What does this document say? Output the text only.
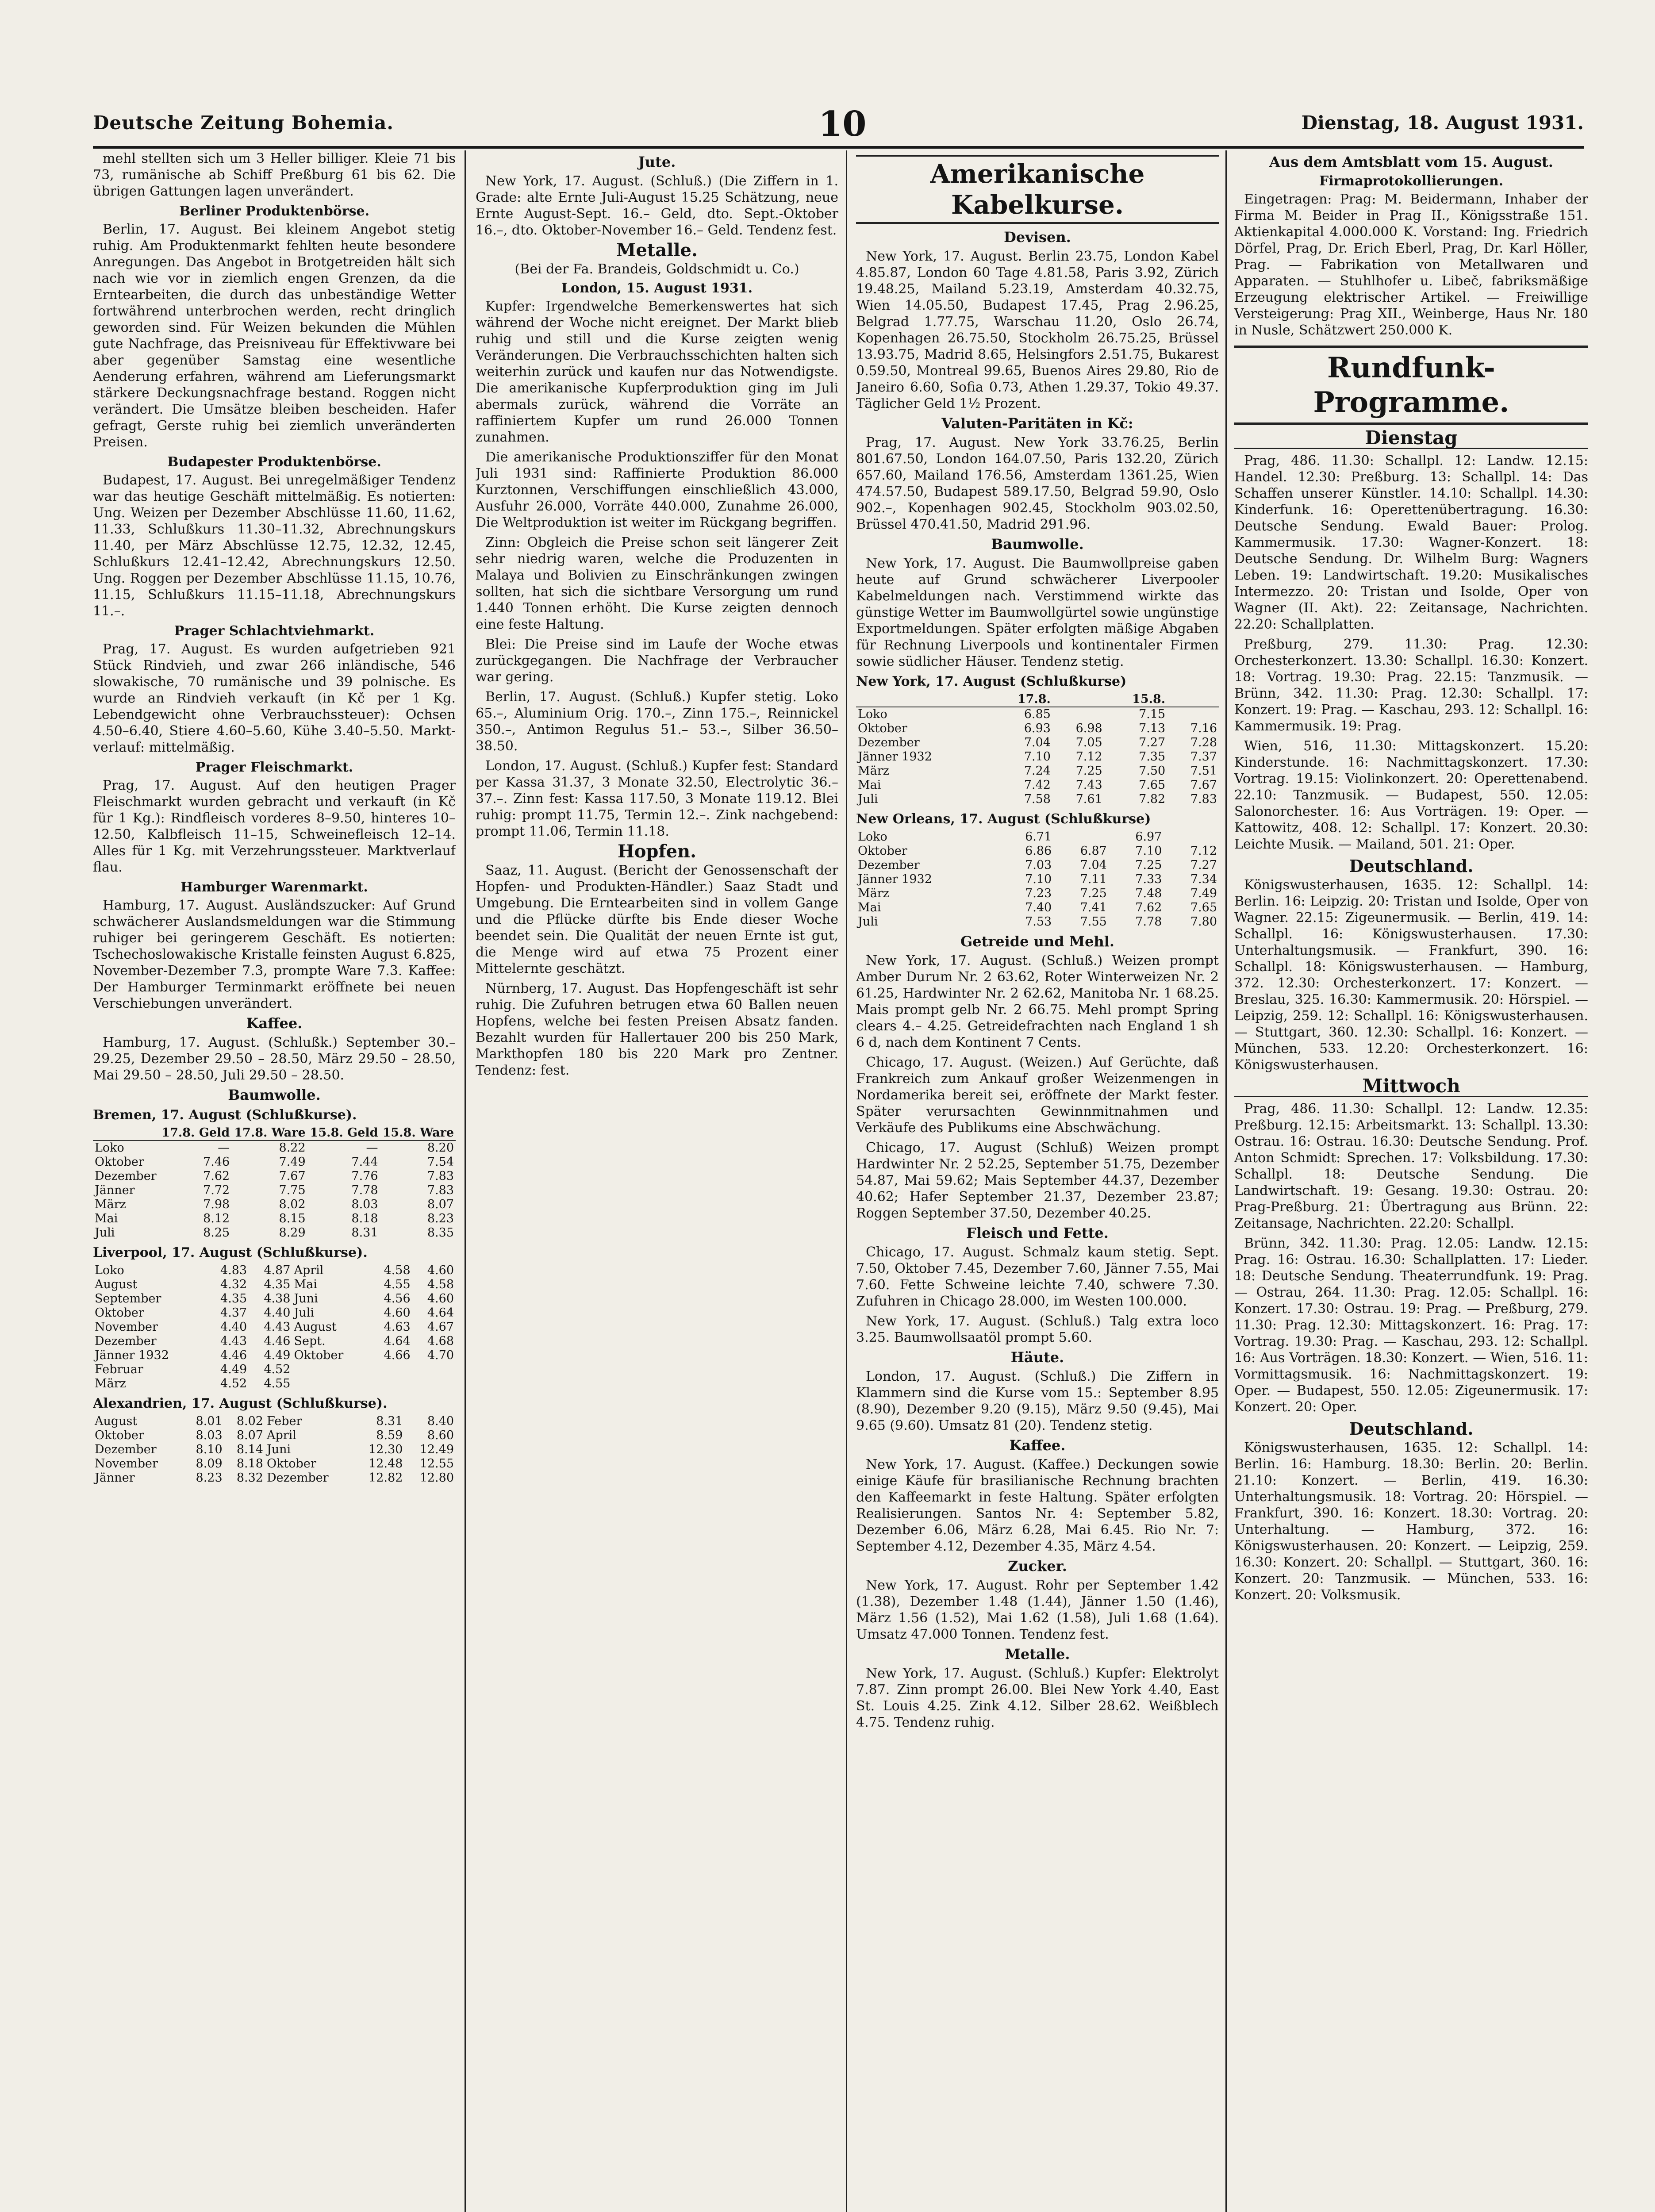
Deutsche Zeitung Bohemia.	10	Dienstag, 18. August 1931.

mehl stellten sich um 3 Heller billiger. Kleie 71 bis 73, rumänische ab Schiff Preßburg 61 bis 62. Die übrigen Gattungen lagen unverändert.

Berliner Produktenbörse.

Berlin, 17. August. Bei kleinem Angebot stetig ruhig. Am Produktenmarkt fehlten heute besondere Anregungen. Das Angebot in Brotgetreiden hält sich nach wie vor in ziemlich engen Grenzen, da die Erntearbeiten, die durch das unbeständige Wetter fortwährend unterbrochen werden, recht dringlich geworden sind. Für Weizen bekunden die Mühlen gute Nachfrage, das Preisniveau für Effektivware bei aber gegenüber Samstag eine wesentliche Aenderung erfahren, während am Lieferungsmarkt stärkere Deckungsnachfrage bestand. Roggen nicht verändert. Die Umsätze bleiben bescheiden. Hafer gefragt, Gerste ruhig bei ziemlich unveränderten Preisen.

Budapester Produktenbörse.

Budapest, 17. August. Bei unregelmäßiger Tendenz war das heutige Geschäft mittelmäßig. Es notierten: Ung. Weizen per Dezember Abschlüsse 11.60, 11.62, 11.33, Schlußkurs 11.30–11.32, Abrechnungskurs 11.40, per März Abschlüsse 12.75, 12.32, 12.45, Schlußkurs 12.41–12.42, Abrechnungskurs 12.50. Ung. Roggen per Dezember Abschlüsse 11.15, 10.76, 11.15, Schlußkurs 11.15–11.18, Abrechnungskurs 11.–.

Prager Schlachtviehmarkt.

Prag, 17. August. Es wurden aufgetrieben 921 Stück Rindvieh, und zwar 266 inländische, 546 slowakische, 70 rumänische und 39 polnische. Es wurde an Rindvieh verkauft (in Kč per 1 Kg. Lebendgewicht ohne Verbrauchssteuer): Ochsen 4.50–6.40, Stiere 4.60–5.60, Kühe 3.40–5.50. Marktverlauf: mittelmäßig.

Prager Fleischmarkt.

Prag, 17. August. Auf den heutigen Prager Fleischmarkt wurden gebracht und verkauft (in Kč für 1 Kg.): Rindfleisch vorderes 8–9.50, hinteres 10–12.50, Kalbfleisch 11–15, Schweinefleisch 12–14. Alles für 1 Kg. mit Verzehrungssteuer. Marktverlauf flau.

Hamburger Warenmarkt.

Hamburg, 17. August. Ausländszucker: Auf Grund schwächerer Auslandsmeldungen war die Stimmung ruhiger bei geringerem Geschäft. Es notierten: Tschechoslowakische Kristalle feinsten August 6.825, November-Dezember 7.3, prompte Ware 7.3. Kaffee: Der Hamburger Terminmarkt eröffnete bei neuen Verschiebungen unverändert.

Kaffee.

Hamburg, 17. August. (Schlußk.) September 30.– 29.25, Dezember 29.50 – 28.50, März 29.50 – 28.50, Mai 29.50 – 28.50, Juli 29.50 – 28.50.

Baumwolle.
Bremen, 17. August (Schlußkurse).
	17.8. Geld	17.8. Ware	15.8. Geld	15.8. Ware
Loko	—	8.22	—	8.20
Oktober	7.46	7.49	7.44	7.54
Dezember	7.62	7.67	7.76	7.83
Jänner	7.72	7.75	7.78	7.83
März	7.98	8.02	8.03	8.07
Mai	8.12	8.15	8.18	8.23
Juli	8.25	8.29	8.31	8.35
Liverpool, 17. August (Schlußkurse).
Loko	4.83	4.87	April	4.58	4.60
August	4.32	4.35	Mai	4.55	4.58
September	4.35	4.38	Juni	4.56	4.60
Oktober	4.37	4.40	Juli	4.60	4.64
November	4.40	4.43	August	4.63	4.67
Dezember	4.43	4.46	Sept.	4.64	4.68
Jänner 1932	4.46	4.49	Oktober	4.66	4.70
Februar	4.49	4.52			
März	4.52	4.55			
Alexandrien, 17. August (Schlußkurse).
August	8.01	8.02	Feber	8.31	8.40
Oktober	8.03	8.07	April	8.59	8.60
Dezember	8.10	8.14	Juni	12.30	12.49
November	8.09	8.18	Oktober	12.48	12.55
Jänner	8.23	8.32	Dezember	12.82	12.80
Jute.

New York, 17. August. (Schluß.) (Die Ziffern in 1. Grade: alte Ernte Juli-August 15.25 Schätzung, neue Ernte August-Sept. 16.– Geld, dto. Sept.-Oktober 16.–, dto. Oktober-November 16.– Geld. Tendenz fest.

Metalle.
(Bei der Fa. Brandeis, Goldschmidt u. Co.)
London, 15. August 1931.

Kupfer: Irgendwelche Bemerkenswertes hat sich während der Woche nicht ereignet. Der Markt blieb ruhig und still und die Kurse zeigten wenig Veränderungen. Die Verbrauchsschichten halten sich weiterhin zurück und kaufen nur das Notwendigste. Die amerikanische Kupferproduktion ging im Juli abermals zurück, während die Vorräte an raffiniertem Kupfer um rund 26.000 Tonnen zunahmen.

Die amerikanische Produktionsziffer für den Monat Juli 1931 sind: Raffinierte Produktion 86.000 Kurztonnen, Verschiffungen einschließlich 43.000, Ausfuhr 26.000, Vorräte 440.000, Zunahme 26.000, Die Weltproduktion ist weiter im Rückgang begriffen.

Zinn: Obgleich die Preise schon seit längerer Zeit sehr niedrig waren, welche die Produzenten in Malaya und Bolivien zu Einschränkungen zwingen sollten, hat sich die sichtbare Versorgung um rund 1.440 Tonnen erhöht. Die Kurse zeigten dennoch eine feste Haltung.

Blei: Die Preise sind im Laufe der Woche etwas zurückgegangen. Die Nachfrage der Verbraucher war gering.

Berlin, 17. August. (Schluß.) Kupfer stetig. Loko 65.–, Aluminium Orig. 170.–, Zinn 175.–, Reinnickel 350.–, Antimon Regulus 51.– 53.–, Silber 36.50–38.50.

London, 17. August. (Schluß.) Kupfer fest: Standard per Kassa 31.37, 3 Monate 32.50, Electrolytic 36.–37.–. Zinn fest: Kassa 117.50, 3 Monate 119.12. Blei ruhig: prompt 11.75, Termin 12.–. Zink nachgebend: prompt 11.06, Termin 11.18.

Hopfen.

Saaz, 11. August. (Bericht der Genossenschaft der Hopfen- und Produkten-Händler.) Saaz Stadt und Umgebung. Die Erntearbeiten sind in vollem Gange und die Pflücke dürfte bis Ende dieser Woche beendet sein. Die Qualität der neuen Ernte ist gut, die Menge wird auf etwa 75 Prozent einer Mittelernte geschätzt.

Nürnberg, 17. August. Das Hopfengeschäft ist sehr ruhig. Die Zufuhren betrugen etwa 60 Ballen neuen Hopfens, welche bei festen Preisen Absatz fanden. Bezahlt wurden für Hallertauer 200 bis 250 Mark, Markthopfen 180 bis 220 Mark pro Zentner. Tendenz: fest.

Amerikanische Kabelkurse.
Devisen.

New York, 17. August. Berlin 23.75, London Kabel 4.85.87, London 60 Tage 4.81.58, Paris 3.92, Zürich 19.48.25, Mailand 5.23.19, Amsterdam 40.32.75, Wien 14.05.50, Budapest 17.45, Prag 2.96.25, Belgrad 1.77.75, Warschau 11.20, Oslo 26.74, Kopenhagen 26.75.50, Stockholm 26.75.25, Brüssel 13.93.75, Madrid 8.65, Helsingfors 2.51.75, Bukarest 0.59.50, Montreal 99.65, Buenos Aires 29.80, Rio de Janeiro 6.60, Sofia 0.73, Athen 1.29.37, Tokio 49.37. Täglicher Geld 1½ Prozent.

Valuten-Paritäten in Kč:

Prag, 17. August. New York 33.76.25, Berlin 801.67.50, London 164.07.50, Paris 132.20, Zürich 657.60, Mailand 176.56, Amsterdam 1361.25, Wien 474.57.50, Budapest 589.17.50, Belgrad 59.90, Oslo 902.–, Kopenhagen 902.45, Stockholm 903.02.50, Brüssel 470.41.50, Madrid 291.96.

Baumwolle.

New York, 17. August. Die Baumwollpreise gaben heute auf Grund schwächerer Liverpooler Kabelmeldungen nach. Verstimmend wirkte das günstige Wetter im Baumwollgürtel sowie ungünstige Exportmeldungen. Später erfolgten mäßige Abgaben für Rechnung Liverpools und kontinentaler Firmen sowie südlicher Häuser. Tendenz stetig.

New York, 17. August (Schlußkurse)
	17.8.		15.8.	
Loko	6.85		7.15	
Oktober	6.93	6.98	7.13	7.16
Dezember	7.04	7.05	7.27	7.28
Jänner 1932	7.10	7.12	7.35	7.37
März	7.24	7.25	7.50	7.51
Mai	7.42	7.43	7.65	7.67
Juli	7.58	7.61	7.82	7.83
New Orleans, 17. August (Schlußkurse)
Loko	6.71		6.97	
Oktober	6.86	6.87	7.10	7.12
Dezember	7.03	7.04	7.25	7.27
Jänner 1932	7.10	7.11	7.33	7.34
März	7.23	7.25	7.48	7.49
Mai	7.40	7.41	7.62	7.65
Juli	7.53	7.55	7.78	7.80
Getreide und Mehl.

New York, 17. August. (Schluß.) Weizen prompt Amber Durum Nr. 2 63.62, Roter Winterweizen Nr. 2 61.25, Hardwinter Nr. 2 62.62, Manitoba Nr. 1 68.25. Mais prompt gelb Nr. 2 66.75. Mehl prompt Spring clears 4.– 4.25. Getreidefrachten nach England 1 sh 6 d, nach dem Kontinent 7 Cents.

Chicago, 17. August. (Weizen.) Auf Gerüchte, daß Frankreich zum Ankauf großer Weizenmengen in Nordamerika bereit sei, eröffnete der Markt fester. Später verursachten Gewinnmitnahmen und Verkäufe des Publikums eine Abschwächung.

Chicago, 17. August (Schluß) Weizen prompt Hardwinter Nr. 2 52.25, September 51.75, Dezember 54.87, Mai 59.62; Mais September 44.37, Dezember 40.62; Hafer September 21.37, Dezember 23.87; Roggen September 37.50, Dezember 40.25.

Fleisch und Fette.

Chicago, 17. August. Schmalz kaum stetig. Sept. 7.50, Oktober 7.45, Dezember 7.60, Jänner 7.55, Mai 7.60. Fette Schweine leichte 7.40, schwere 7.30. Zufuhren in Chicago 28.000, im Westen 100.000.

New York, 17. August. (Schluß.) Talg extra loco 3.25. Baumwollsaatöl prompt 5.60.

Häute.

London, 17. August. (Schluß.) Die Ziffern in Klammern sind die Kurse vom 15.: September 8.95 (8.90), Dezember 9.20 (9.15), März 9.50 (9.45), Mai 9.65 (9.60). Umsatz 81 (20). Tendenz stetig.

Kaffee.

New York, 17. August. (Kaffee.) Deckungen sowie einige Käufe für brasilianische Rechnung brachten den Kaffeemarkt in feste Haltung. Später erfolgten Realisierungen. Santos Nr. 4: September 5.82, Dezember 6.06, März 6.28, Mai 6.45. Rio Nr. 7: September 4.12, Dezember 4.35, März 4.54.

Zucker.

New York, 17. August. Rohr per September 1.42 (1.38), Dezember 1.48 (1.44), Jänner 1.50 (1.46), März 1.56 (1.52), Mai 1.62 (1.58), Juli 1.68 (1.64). Umsatz 47.000 Tonnen. Tendenz fest.

Metalle.

New York, 17. August. (Schluß.) Kupfer: Elektrolyt 7.87. Zinn prompt 26.00. Blei New York 4.40, East St. Louis 4.25. Zink 4.12. Silber 28.62. Weißblech 4.75. Tendenz ruhig.

Aus dem Amtsblatt vom 15. August.
Firmaprotokollierungen.

Eingetragen: Prag: M. Beidermann, Inhaber der Firma M. Beider in Prag II., Königsstraße 151. Aktienkapital 4.000.000 K. Vorstand: Ing. Friedrich Dörfel, Prag, Dr. Erich Eberl, Prag, Dr. Karl Höller, Prag. — Fabrikation von Metallwaren und Apparaten. — Stuhlhofer u. Libeč, fabriksmäßige Erzeugung elektrischer Artikel. — Freiwillige Versteigerung: Prag XII., Weinberge, Haus Nr. 180 in Nusle, Schätzwert 250.000 K.

Rundfunk-Programme.
Dienstag

Prag, 486. 11.30: Schallpl. 12: Landw. 12.15: Handel. 12.30: Preßburg. 13: Schallpl. 14: Das Schaffen unserer Künstler. 14.10: Schallpl. 14.30: Kinderfunk. 16: Operettenübertragung. 16.30: Deutsche Sendung. Ewald Bauer: Prolog. Kammermusik. 17.30: Wagner-Konzert. 18: Deutsche Sendung. Dr. Wilhelm Burg: Wagners Leben. 19: Landwirtschaft. 19.20: Musikalisches Intermezzo. 20: Tristan und Isolde, Oper von Wagner (II. Akt). 22: Zeitansage, Nachrichten. 22.20: Schallplatten.

Preßburg, 279. 11.30: Prag. 12.30: Orchesterkonzert. 13.30: Schallpl. 16.30: Konzert. 18: Vortrag. 19.30: Prag. 22.15: Tanzmusik. — Brünn, 342. 11.30: Prag. 12.30: Schallpl. 17: Konzert. 19: Prag. — Kaschau, 293. 12: Schallpl. 16: Kammermusik. 19: Prag.

Wien, 516, 11.30: Mittagskonzert. 15.20: Kinderstunde. 16: Nachmittagskonzert. 17.30: Vortrag. 19.15: Violinkonzert. 20: Operettenabend. 22.10: Tanzmusik. — Budapest, 550. 12.05: Salonorchester. 16: Aus Vorträgen. 19: Oper. — Kattowitz, 408. 12: Schallpl. 17: Konzert. 20.30: Leichte Musik. — Mailand, 501. 21: Oper.

Deutschland.

Königswusterhausen, 1635. 12: Schallpl. 14: Berlin. 16: Leipzig. 20: Tristan und Isolde, Oper von Wagner. 22.15: Zigeunermusik. — Berlin, 419. 14: Schallpl. 16: Königswusterhausen. 17.30: Unterhaltungsmusik. — Frankfurt, 390. 16: Schallpl. 18: Königswusterhausen. — Hamburg, 372. 12.30: Orchesterkonzert. 17: Konzert. — Breslau, 325. 16.30: Kammermusik. 20: Hörspiel. — Leipzig, 259. 12: Schallpl. 16: Königswusterhausen. — Stuttgart, 360. 12.30: Schallpl. 16: Konzert. — München, 533. 12.20: Orchesterkonzert. 16: Königswusterhausen.

Mittwoch

Prag, 486. 11.30: Schallpl. 12: Landw. 12.35: Preßburg. 12.15: Arbeitsmarkt. 13: Schallpl. 13.30: Ostrau. 16: Ostrau. 16.30: Deutsche Sendung. Prof. Anton Schmidt: Sprechen. 17: Volksbildung. 17.30: Schallpl. 18: Deutsche Sendung. Die Landwirtschaft. 19: Gesang. 19.30: Ostrau. 20: Prag-Preßburg. 21: Übertragung aus Brünn. 22: Zeitansage, Nachrichten. 22.20: Schallpl.

Brünn, 342. 11.30: Prag. 12.05: Landw. 12.15: Prag. 16: Ostrau. 16.30: Schallplatten. 17: Lieder. 18: Deutsche Sendung. Theaterrundfunk. 19: Prag. — Ostrau, 264. 11.30: Prag. 12.05: Schallpl. 16: Konzert. 17.30: Ostrau. 19: Prag. — Preßburg, 279. 11.30: Prag. 12.30: Mittagskonzert. 16: Prag. 17: Vortrag. 19.30: Prag. — Kaschau, 293. 12: Schallpl. 16: Aus Vorträgen. 18.30: Konzert. — Wien, 516. 11: Vormittagsmusik. 16: Nachmittagskonzert. 19: Oper. — Budapest, 550. 12.05: Zigeunermusik. 17: Konzert. 20: Oper.

Deutschland.

Königswusterhausen, 1635. 12: Schallpl. 14: Berlin. 16: Hamburg. 18.30: Berlin. 20: Berlin. 21.10: Konzert. — Berlin, 419. 16.30: Unterhaltungsmusik. 18: Vortrag. 20: Hörspiel. — Frankfurt, 390. 16: Konzert. 18.30: Vortrag. 20: Unterhaltung. — Hamburg, 372. 16: Königswusterhausen. 20: Konzert. — Leipzig, 259. 16.30: Konzert. 20: Schallpl. — Stuttgart, 360. 16: Konzert. 20: Tanzmusik. — München, 533. 16: Konzert. 20: Volksmusik.
